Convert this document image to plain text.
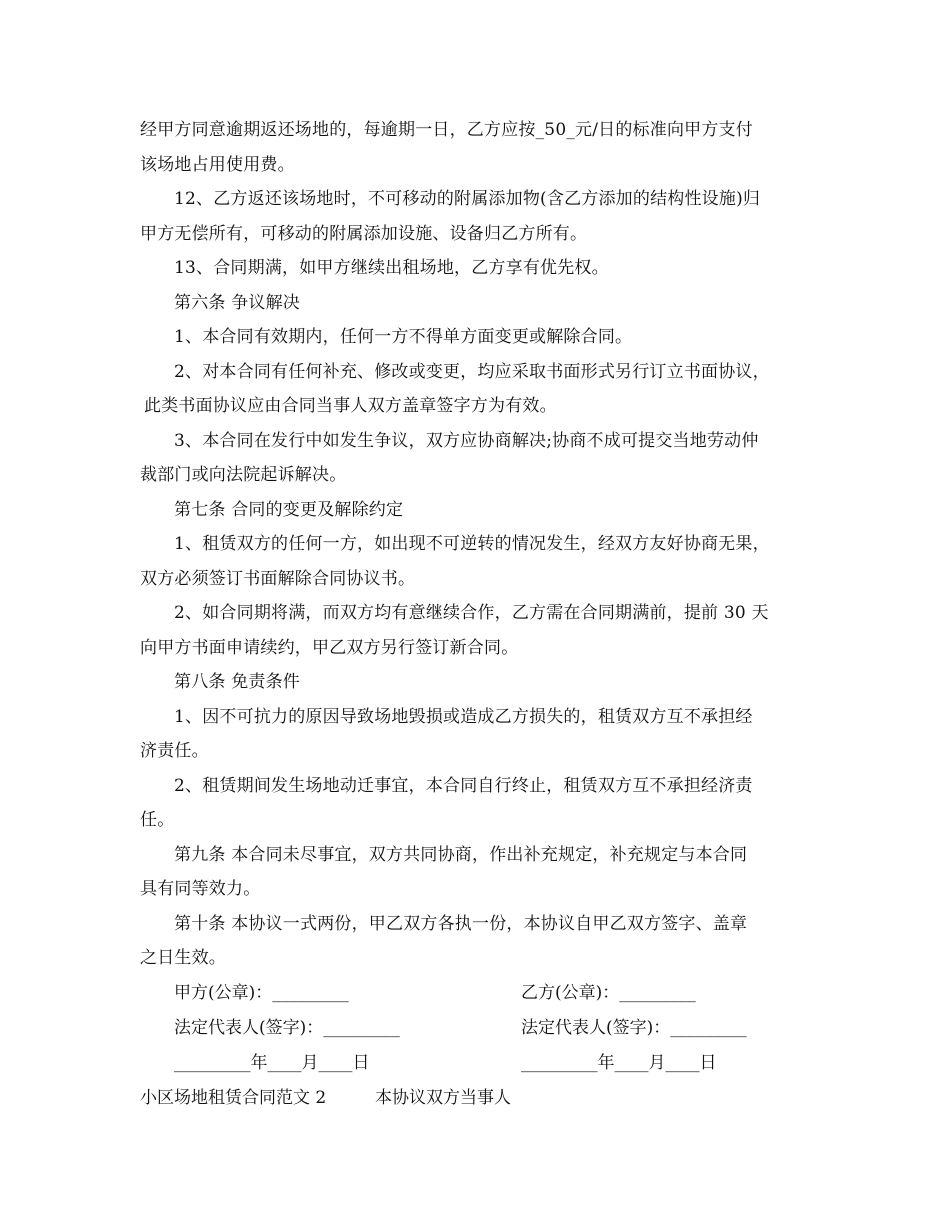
经甲方同意逾期返还场地的，每逾期一日，乙方应按_50_元/日的标准向甲方支付
该场地占用使用费。
12、乙方返还该场地时，不可移动的附属添加物(含乙方添加的结构性设施)归
甲方无偿所有，可移动的附属添加设施、设备归乙方所有。
13、合同期满，如甲方继续出租场地，乙方享有优先权。
第六条 争议解决
1、本合同有效期内，任何一方不得单方面变更或解除合同。
2、对本合同有任何补充、修改或变更，均应采取书面形式另行订立书面协议，
此类书面协议应由合同当事人双方盖章签字方为有效。
3、本合同在发行中如发生争议，双方应协商解决;协商不成可提交当地劳动仲
裁部门或向法院起诉解决。
第七条 合同的变更及解除约定
1、租赁双方的任何一方，如出现不可逆转的情况发生，经双方友好协商无果，
双方必须签订书面解除合同协议书。
2、如合同期将满，而双方均有意继续合作，乙方需在合同期满前，提前 30 天
向甲方书面申请续约，甲乙双方另行签订新合同。
第八条 免责条件
1、因不可抗力的原因导致场地毁损或造成乙方损失的，租赁双方互不承担经
济责任。
2、租赁期间发生场地动迁事宜，本合同自行终止，租赁双方互不承担经济责
任。
第九条 本合同未尽事宜，双方共同协商，作出补充规定，补充规定与本合同
具有同等效力。
第十条 本协议一式两份，甲乙双方各执一份，本协议自甲乙双方签字、盖章
之日生效。
甲方(公章)：_________	乙方(公章)：_________
法定代表人(签字)：_________	法定代表人(签字)：_________
_________年____月____日	_________年____月____日
小区场地租赁合同范文 2	本协议双方当事人
